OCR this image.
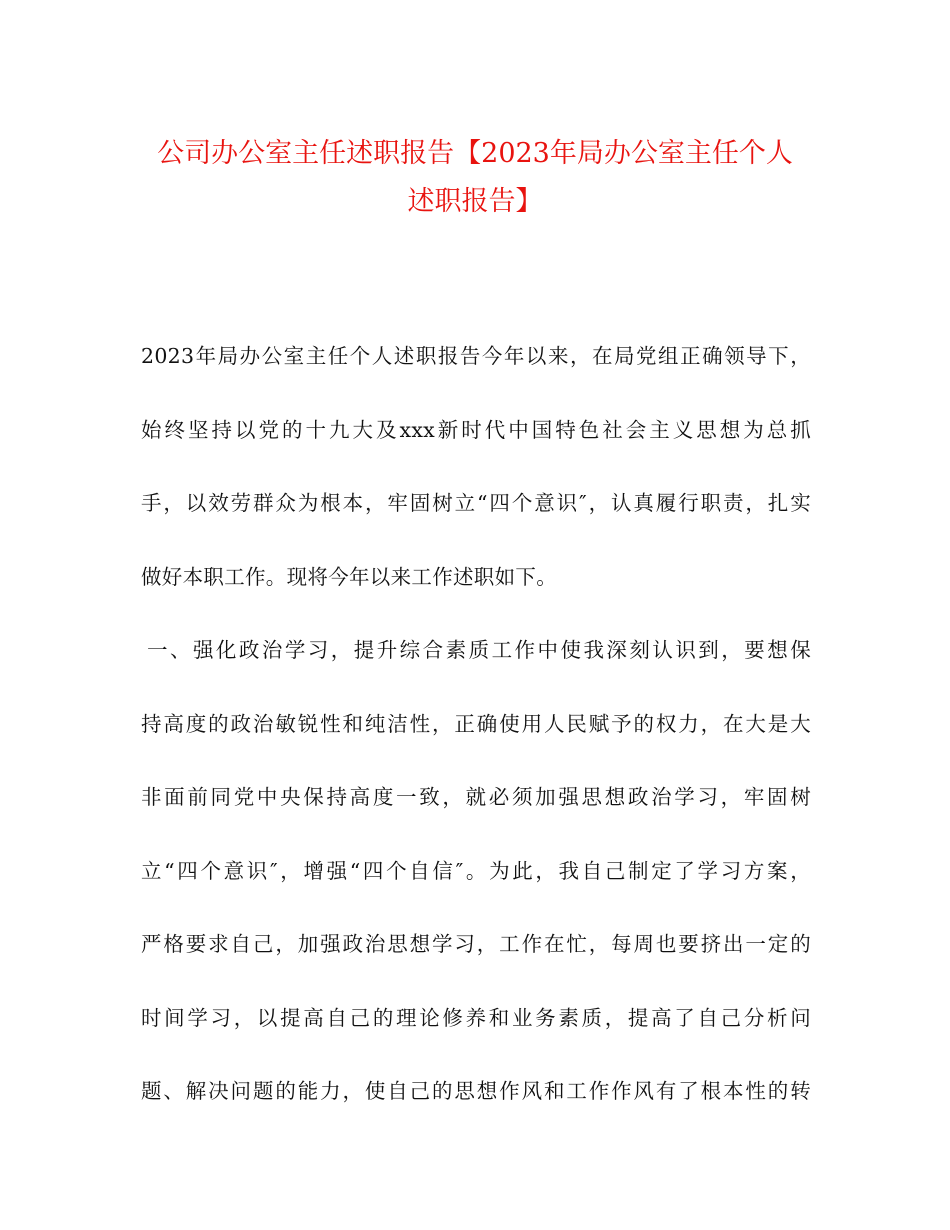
公司办公室主任述职报告【2023年局办公室主任个人
述职报告】
2023年局办公室主任个人述职报告今年以来，在局党组正确领导下，
始终坚持以党的十九大及xxx新时代中国特色社会主义思想为总抓
手，以效劳群众为根本，牢固树立“四个意识″，认真履行职责，扎实
做好本职工作。现将今年以来工作述职如下。
一、强化政治学习，提升综合素质工作中使我深刻认识到，要想保
持高度的政治敏锐性和纯洁性，正确使用人民赋予的权力，在大是大
非面前同党中央保持高度一致，就必须加强思想政治学习，牢固树
立“四个意识″，增强“四个自信″。为此，我自己制定了学习方案，
严格要求自己，加强政治思想学习，工作在忙，每周也要挤出一定的
时间学习，以提高自己的理论修养和业务素质，提高了自己分析问
题、解决问题的能力，使自己的思想作风和工作作风有了根本性的转
